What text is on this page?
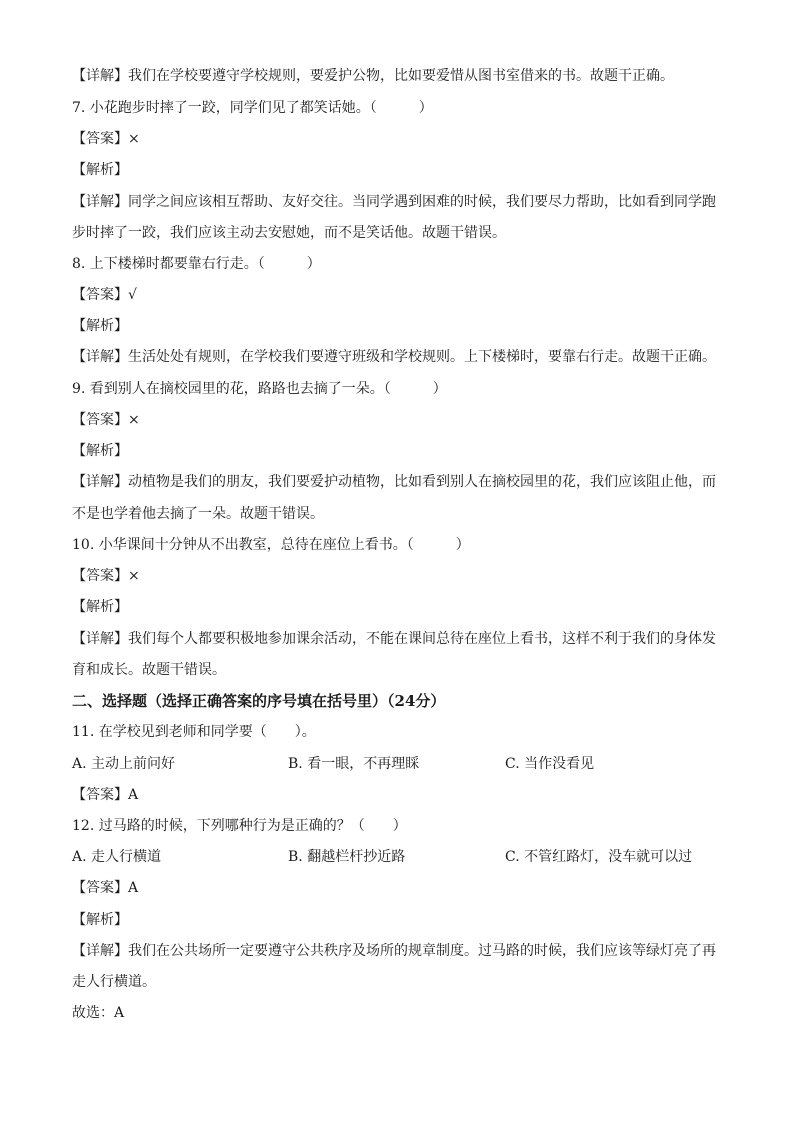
【详解】我们在学校要遵守学校规则，要爱护公物，比如要爱惜从图书室借来的书。故题干正确。
7. 小花跑步时摔了一跤，同学们见了都笑话她。（　　　）
【答案】×
【解析】
【详解】同学之间应该相互帮助、友好交往。当同学遇到困难的时候，我们要尽力帮助，比如看到同学跑
步时摔了一跤，我们应该主动去安慰她，而不是笑话他。故题干错误。
8. 上下楼梯时都要靠右行走。（　　　）
【答案】√
【解析】
【详解】生活处处有规则，在学校我们要遵守班级和学校规则。上下楼梯时，要靠右行走。故题干正确。
9. 看到别人在摘校园里的花，路路也去摘了一朵。（　　　）
【答案】×
【解析】
【详解】动植物是我们的朋友，我们要爱护动植物，比如看到别人在摘校园里的花，我们应该阻止他，而
不是也学着他去摘了一朵。故题干错误。
10. 小华课间十分钟从不出教室，总待在座位上看书。（　　　）
【答案】×
【解析】
【详解】我们每个人都要积极地参加课余活动，不能在课间总待在座位上看书，这样不利于我们的身体发
育和成长。故题干错误。
二、选择题（选择正确答案的序号填在括号里）（24分）
11. 在学校见到老师和同学要（　　）。
A. 主动上前问好	B. 看一眼，不再理睬	C. 当作没看见
【答案】A
12. 过马路的时候，下列哪种行为是正确的？（　　）
A. 走人行横道	B. 翻越栏杆抄近路	C. 不管红路灯，没车就可以过
【答案】A
【解析】
【详解】我们在公共场所一定要遵守公共秩序及场所的规章制度。过马路的时候，我们应该等绿灯亮了再
走人行横道。
故选：A
